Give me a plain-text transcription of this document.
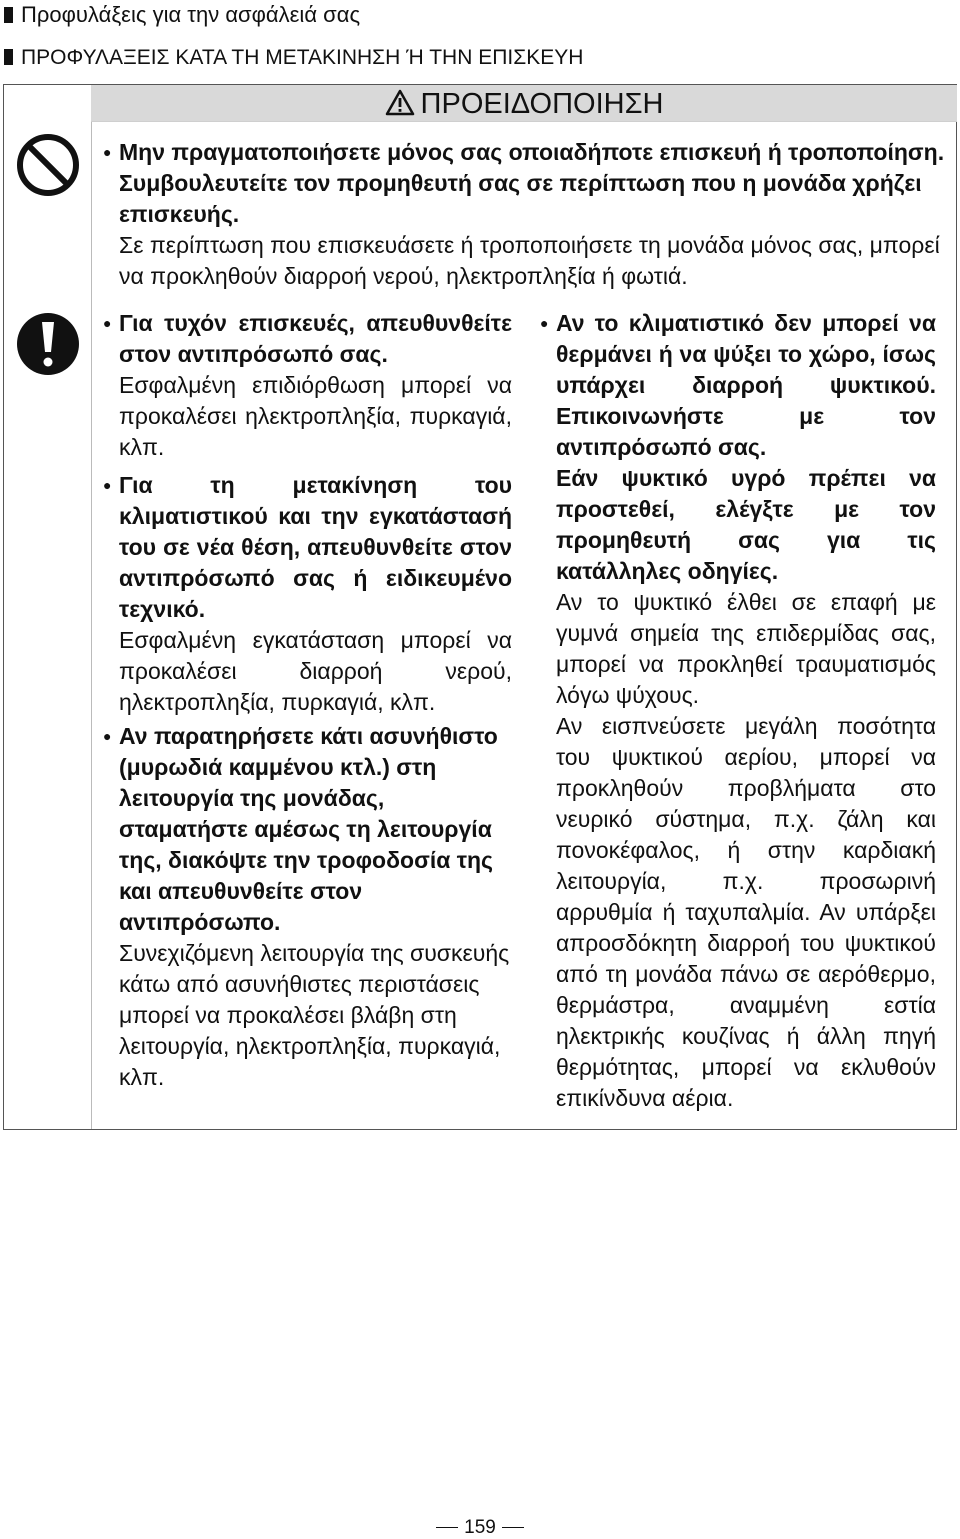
Προφυλάξεις για την ασφάλειά σας
ΠΡΟΦΥΛΑΞΕΙΣ ΚΑΤΑ ΤΗ ΜΕΤΑΚΙΝΗΣΗ Ή ΤΗΝ ΕΠΙΣΚΕΥΗ
ΠΡΟΕΙΔΟΠΟΙΗΣΗ
● Μην πραγματοποιήσετε μόνος σας οποιαδήποτε επισκευή ή τροποποίηση. Συμβουλευτείτε τον προμηθευτή σας σε περίπτωση που η μονάδα χρήζει επισκευής.
Σε περίπτωση που επισκευάσετε ή τροποποιήσετε τη μονάδα μόνος σας, μπορεί να προκληθούν διαρροή νερού, ηλεκτροπληξία ή φωτιά.
● Για τυχόν επισκευές, απευθυνθείτε στον αντιπρόσωπό σας.
Εσφαλμένη επιδιόρθωση μπορεί να προκαλέσει ηλεκτροπληξία, πυρκαγιά, κλπ.
● Για τη μετακίνηση του κλιματιστικού και την εγκατάστασή του σε νέα θέση, απευθυνθείτε στον αντιπρόσωπό σας ή ειδικευμένο τεχνικό.
Εσφαλμένη εγκατάσταση μπορεί να προκαλέσει διαρροή νερού, ηλεκτροπληξία, πυρκαγιά, κλπ.
● Αν παρατηρήσετε κάτι ασυνήθιστο (μυρωδιά καμμένου κτλ.) στη λειτουργία της μονάδας, σταματήστε αμέσως τη λειτουργία της, διακόψτε την τροφοδοσία της και απευθυνθείτε στον αντιπρόσωπο.
Συνεχιζόμενη λειτουργία της συσκευής κάτω από ασυνήθιστες περιστάσεις μπορεί να προκαλέσει βλάβη στη λειτουργία, ηλεκτροπληξία, πυρκαγιά, κλπ.
● Αν το κλιματιστικό δεν μπορεί να θερμάνει ή να ψύξει το χώρο, ίσως υπάρχει διαρροή ψυκτικού. Επικοινωνήστε με τον αντιπρόσωπό σας.
Εάν ψυκτικό υγρό πρέπει να προστεθεί, ελέγξτε με τον προμηθευτή σας για τις κατάλληλες οδηγίες.
Αν το ψυκτικό έλθει σε επαφή με γυμνά σημεία της επιδερμίδας σας, μπορεί να προκληθεί τραυματισμός λόγω ψύχους.
Αν εισπνεύσετε μεγάλη ποσότητα του ψυκτικού αερίου, μπορεί να προκληθούν προβλήματα στο νευρικό σύστημα, π.χ. ζάλη και πονοκέφαλος, ή στην καρδιακή λειτουργία, π.χ. προσωρινή αρρυθμία ή ταχυπαλμία. Αν υπάρξει απροσδόκητη διαρροή του ψυκτικού από τη μονάδα πάνω σε αερόθερμο, θερμάστρα, αναμμένη εστία ηλεκτρικής κουζίνας ή άλλη πηγή θερμότητας, μπορεί να εκλυθούν επικίνδυνα αέρια.
159
